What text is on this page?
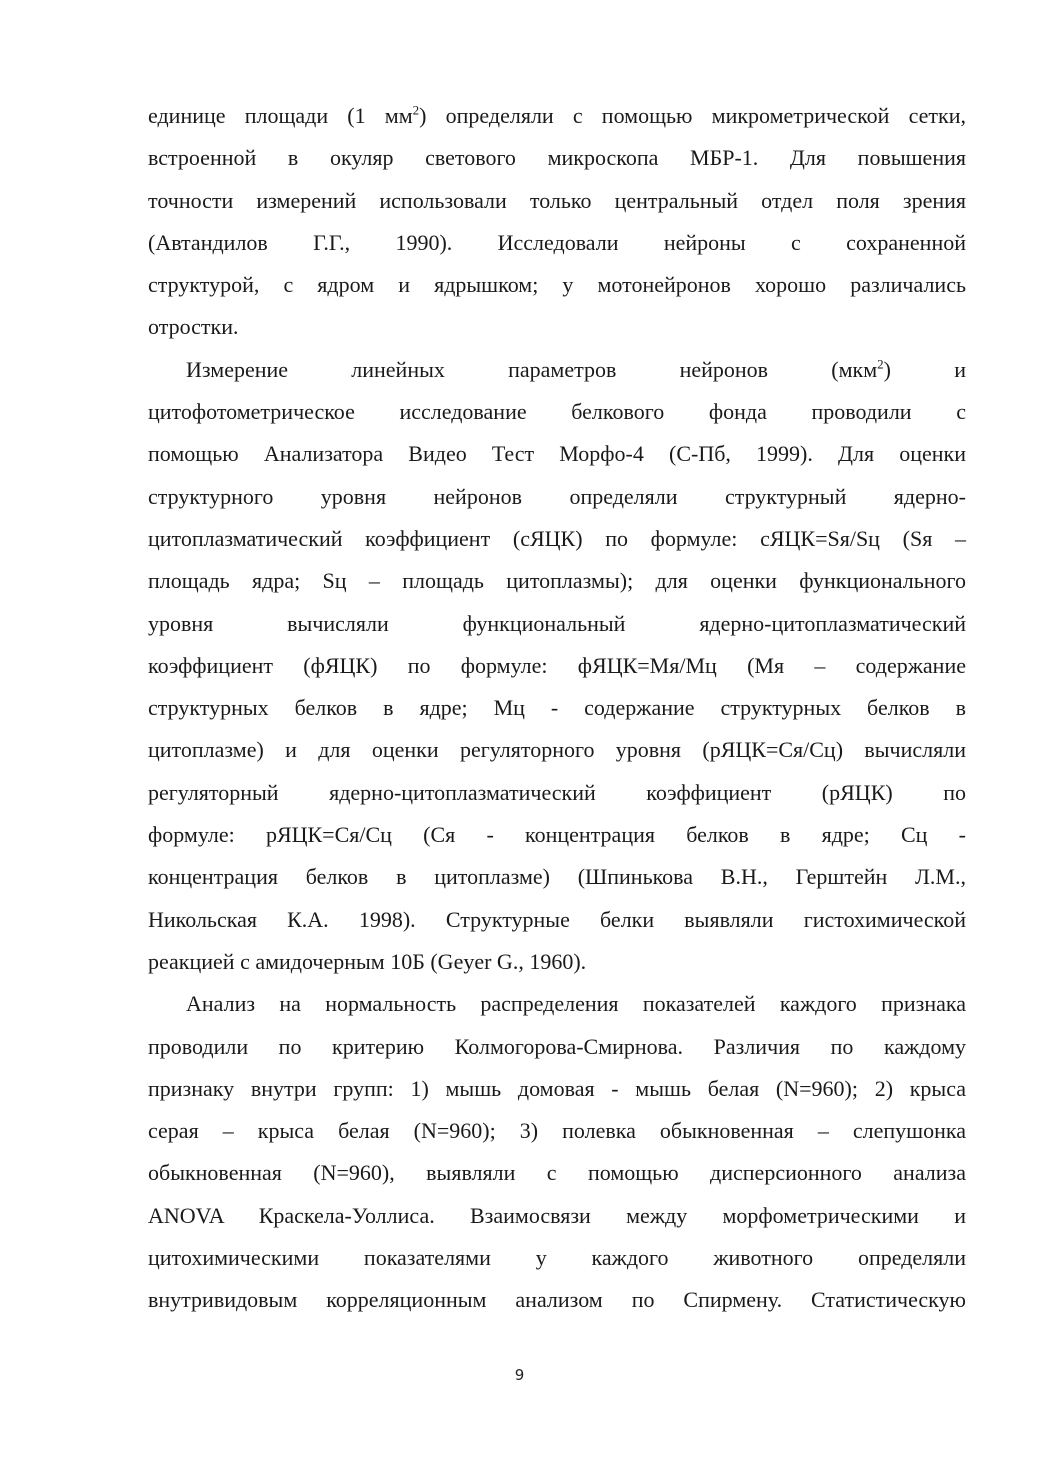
единице площади (1 $мм^2$) определяли с помощью микрометрической сетки,
встроенной в окуляр светового микроскопа МБР-1. Для повышения
точности измерений использовали только центральный отдел поля зрения
(Автандилов Г.Г., 1990). Исследовали нейроны с сохраненной
структурой, с ядром и ядрышком; у мотонейронов хорошо различались
отростки.
Измерение линейных параметров нейронов (мкм$^2$) и
цитофотометрическое исследование белкового фонда проводили с
помощью Анализатора Видео Тест Морфо-4 (С-Пб, 1999). Для оценки
структурного уровня нейронов определяли структурный ядерно-
цитоплазматический коэффициент (сЯЦК) по формуле: сЯЦК=Sя/Sц (Sя –
площадь ядра; Sц – площадь цитоплазмы); для оценки функционального
уровня вычисляли функциональный ядерно-цитоплазматический
коэффициент (фЯЦК) по формуле: фЯЦК=Мя/Мц (Мя – содержание
структурных белков в ядре; Мц - содержание структурных белков в
цитоплазме) и для оценки регуляторного уровня (рЯЦК=Ся/Сц) вычисляли
регуляторный ядерно-цитоплазматический коэффициент (рЯЦК) по
формуле: рЯЦК=Ся/Сц (Ся - концентрация белков в ядре; Сц -
концентрация белков в цитоплазме) (Шпинькова В.Н., Герштейн Л.М.,
Никольская К.А. 1998). Структурные белки выявляли гистохимической
реакцией с амидочерным 10Б (Geyer G., 1960).
Анализ на нормальность распределения показателей каждого признака
проводили по критерию Колмогорова-Смирнова. Различия по каждому
признаку внутри групп: 1) мышь домовая - мышь белая (N=960); 2) крыса
серая – крыса белая (N=960); 3) полевка обыкновенная – слепушонка
обыкновенная (N=960), выявляли с помощью дисперсионного анализа
ANOVA Краскела-Уоллиса. Взаимосвязи между морфометрическими и
цитохимическими показателями у каждого животного определяли
внутривидовым корреляционным анализом по Спирмену. Статистическую
9
